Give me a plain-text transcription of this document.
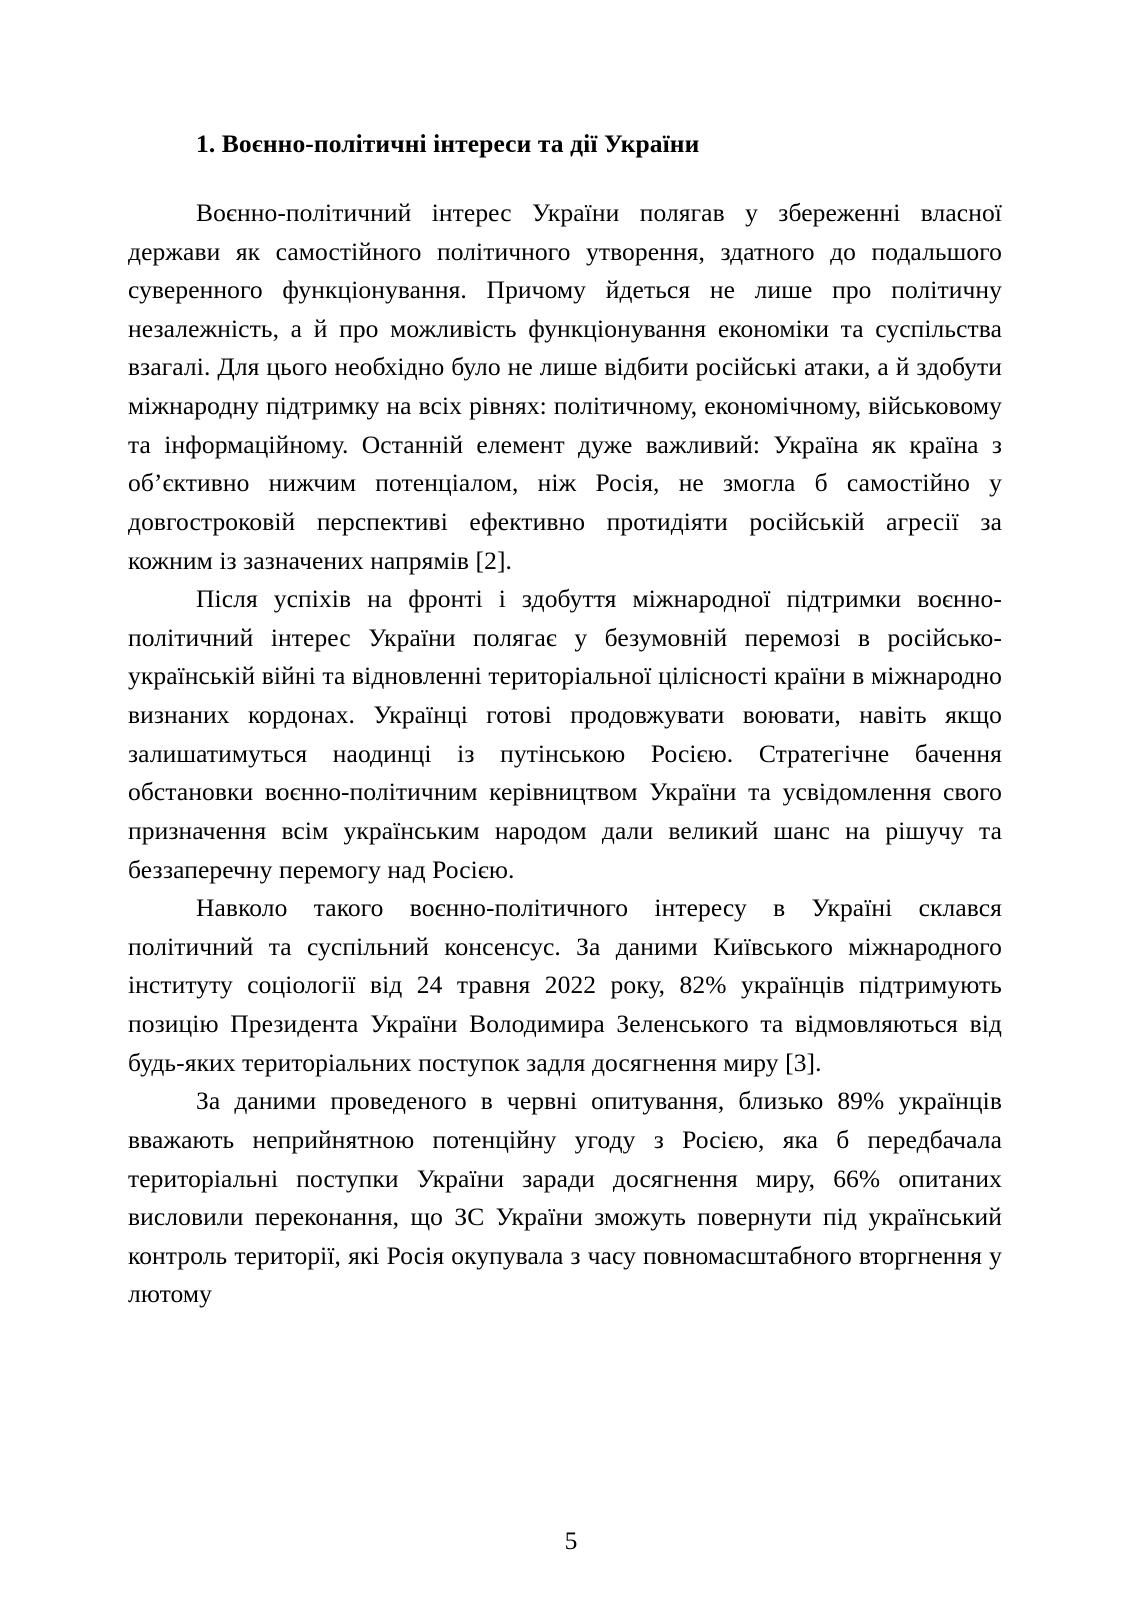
1. Воєнно-політичні інтереси та дії України

Воєнно-політичний інтерес України полягав у збереженні власної держави як самостійного політичного утворення, здатного до подальшого суверенного функціонування. Причому йдеться не лише про політичну незалежність, а й про можливість функціонування економіки та суспільства взагалі. Для цього необхідно було не лише відбити російські атаки, а й здобути міжнародну підтримку на всіх рівнях: політичному, економічному, військовому та інформаційному. Останній елемент дуже важливий: Україна як країна з об’єктивно нижчим потенціалом, ніж Росія, не змогла б самостійно у довгостроковій перспективі ефективно протидіяти російській агресії за кожним із зазначених напрямів [2].

Після успіхів на фронті і здобуття міжнародної підтримки воєнно-політичний інтерес України полягає у безумовній перемозі в російсько-українській війні та відновленні територіальної цілісності країни в міжнародно визнаних кордонах. Українці готові продовжувати воювати, навіть якщо залишатимуться наодинці із путінською Росією. Стратегічне бачення обстановки воєнно-політичним керівництвом України та усвідомлення свого призначення всім українським народом дали великий шанс на рішучу та беззаперечну перемогу над Росією.

Навколо такого воєнно-політичного інтересу в Україні склався політичний та суспільний консенсус. За даними Київського міжнародного інституту соціології від 24 травня 2022 року, 82% українців підтримують позицію Президента України Володимира Зеленського та відмовляються від будь-яких територіальних поступок задля досягнення миру [3].

За даними проведеного в червні опитування, близько 89% українців вважають неприйнятною потенційну угоду з Росією, яка б передбачала територіальні поступки України заради досягнення миру, 66% опитаних висловили переконання, що ЗС України зможуть повернути під український контроль території, які Росія окупувала з часу повномасштабного вторгнення у лютому

5
